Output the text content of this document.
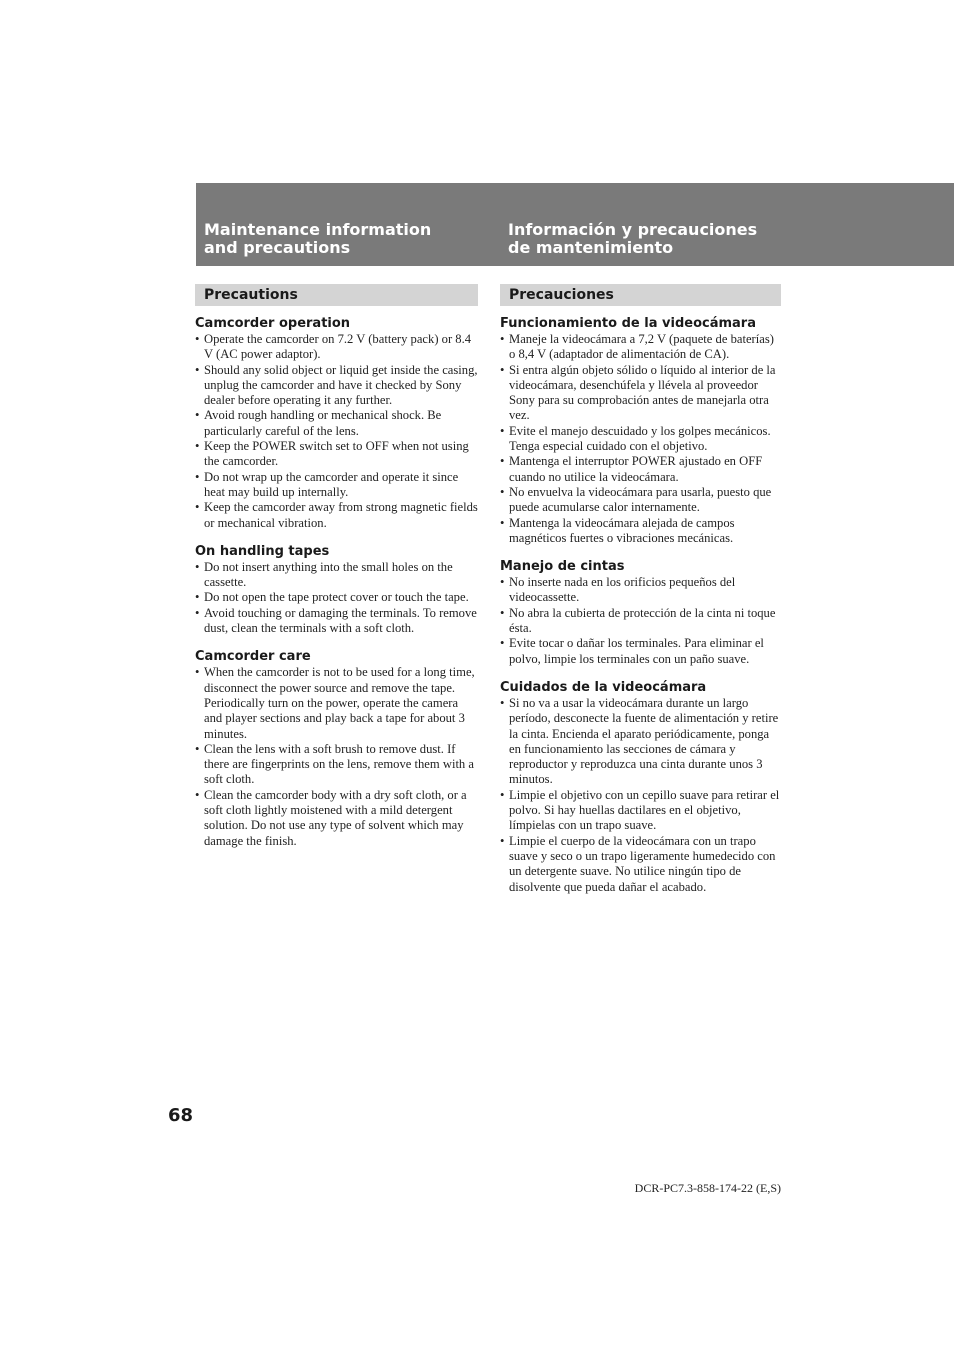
Maintenance information
and precautions
Información y precauciones
de mantenimiento
Precautions
Camcorder operation
• Operate the camcorder on 7.2 V (battery pack) or 8.4 V (AC power adaptor).
• Should any solid object or liquid get inside the casing, unplug the camcorder and have it checked by Sony dealer before operating it any further.
• Avoid rough handling or mechanical shock. Be particularly careful of the lens.
• Keep the POWER switch set to OFF when not using the camcorder.
• Do not wrap up the camcorder and operate it since heat may build up internally.
• Keep the camcorder away from strong magnetic fields or mechanical vibration.
On handling tapes
• Do not insert anything into the small holes on the cassette.
• Do not open the tape protect cover or touch the tape.
• Avoid touching or damaging the terminals. To remove dust, clean the terminals with a soft cloth.
Camcorder care
• When the camcorder is not to be used for a long time, disconnect the power source and remove the tape. Periodically turn on the power, operate the camera and player sections and play back a tape for about 3 minutes.
• Clean the lens with a soft brush to remove dust. If there are fingerprints on the lens, remove them with a soft cloth.
• Clean the camcorder body with a dry soft cloth, or a soft cloth lightly moistened with a mild detergent solution. Do not use any type of solvent which may damage the finish.
Precauciones
Funcionamiento de la videocámara
• Maneje la videocámara a 7,2 V (paquete de baterías) o 8,4 V (adaptador de alimentación de CA).
• Si entra algún objeto sólido o líquido al interior de la videocámara, desenchúfela y llévela al proveedor Sony para su comprobación antes de manejarla otra vez.
• Evite el manejo descuidado y los golpes mecánicos. Tenga especial cuidado con el objetivo.
• Mantenga el interruptor POWER ajustado en OFF cuando no utilice la videocámara.
• No envuelva la videocámara para usarla, puesto que puede acumularse calor internamente.
• Mantenga la videocámara alejada de campos magnéticos fuertes o vibraciones mecánicas.
Manejo de cintas
• No inserte nada en los orificios pequeños del videocassette.
• No abra la cubierta de protección de la cinta ni toque ésta.
• Evite tocar o dañar los terminales. Para eliminar el polvo, limpie los terminales con un paño suave.
Cuidados de la videocámara
• Si no va a usar la videocámara durante un largo período, desconecte la fuente de alimentación y retire la cinta. Encienda el aparato periódicamente, ponga en funcionamiento las secciones de cámara y reproductor y reproduzca una cinta durante unos 3 minutos.
• Limpie el objetivo con un cepillo suave para retirar el polvo. Si hay huellas dactilares en el objetivo, límpielas con un trapo suave.
• Limpie el cuerpo de la videocámara con un trapo suave y seco o un trapo ligeramente humedecido con un detergente suave. No utilice ningún tipo de disolvente que pueda dañar el acabado.
68
DCR-PC7.3-858-174-22 (E,S)
